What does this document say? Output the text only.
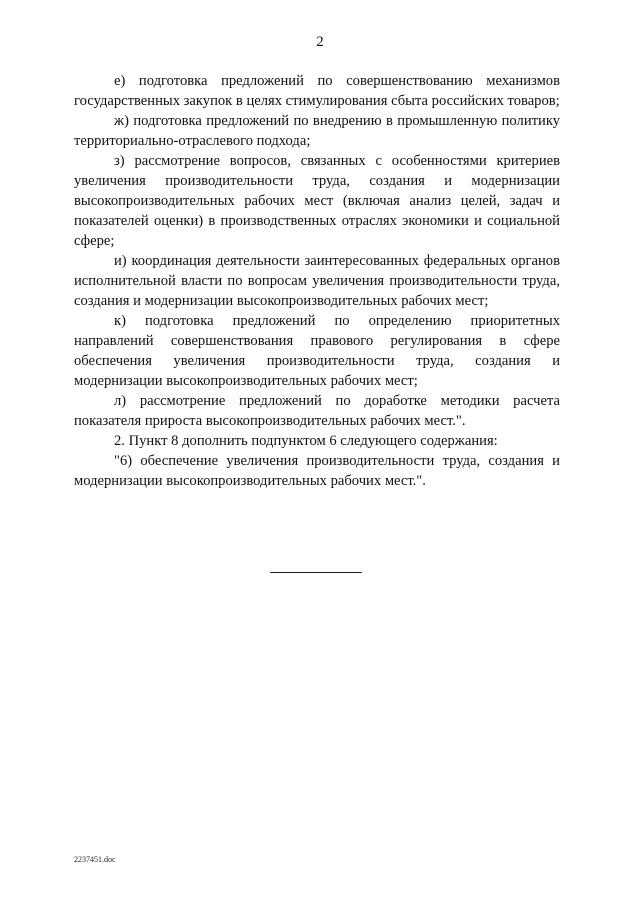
2

е) подготовка предложений по совершенствованию механизмов государственных закупок в целях стимулирования сбыта российских товаров;

ж) подготовка предложений по внедрению в промышленную политику территориально-отраслевого подхода;

з) рассмотрение вопросов, связанных с особенностями критериев увеличения производительности труда, создания и модернизации высокопроизводительных рабочих мест (включая анализ целей, задач и показателей оценки) в производственных отраслях экономики и социальной сфере;

и) координация деятельности заинтересованных федеральных органов исполнительной власти по вопросам увеличения производительности труда, создания и модернизации высокопроизводительных рабочих мест;

к) подготовка предложений по определению приоритетных направлений совершенствования правового регулирования в сфере обеспечения увеличения производительности труда, создания и модернизации высокопроизводительных рабочих мест;

л) рассмотрение предложений по доработке методики расчета показателя прироста высокопроизводительных рабочих мест.".

2. Пункт 8 дополнить подпунктом 6 следующего содержания:

"6) обеспечение увеличения производительности труда, создания и модернизации высокопроизводительных рабочих мест.".

2237451.doc
